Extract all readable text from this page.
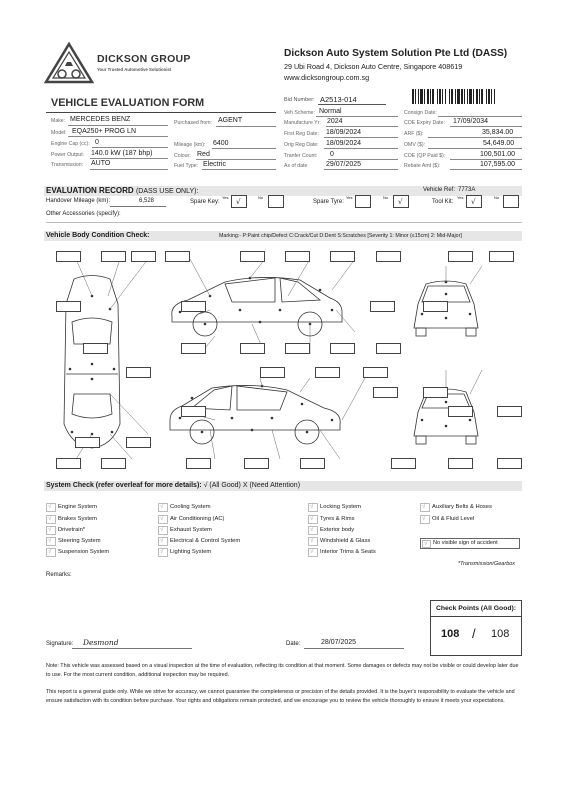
DICKSON GROUP
Your Trusted Automotive Solutionist
Dickson Auto System Solution Pte Ltd (DASS)
29 Ubi Road 4, Dickson Auto Centre, Singapore 408619
www.dicksongroup.com.sg
VEHICLE EVALUATION FORM	Bid Number: A2513-014
Make: MERCEDES BENZ
Model: EQA250+ PROG LN
Engine Cap (cc): 0
Power Output: 140.0 kW (187 bhp)
Transmission: AUTO
Purchased from: AGENT
Mileage (km): 6400
Colour: Red
Fuel Type: Electric
Veh Scheme: Normal
Manufacture Yr: 2024
First Reg Date: 18/09/2024
Orig Reg Date: 18/09/2024
Tranfer Count: 0
As of date	29/07/2025
Consign Date:
COE Expiry Date: 17/09/2034
ARF ($):	35,834.00
OMV ($):	54,649.00
COE (QP Paid $):	100,501.00
Rebate Amt ($):	107,595.00
EVALUATION RECORD (DASS USE ONLY):	Vehicle Ref: 7773A
Handover Mileage (km):	6,528	Spare Key:
Yes √	No
Spare Tyre:
Yes	No √	Tool Kit:
Yes √	No
Other Accessories (specify):
Vehicle Body Condition Check:	Marking:- P:Paint chip/Defect C:Crack/Cut D:Dent S:Scratches [Severity 1: Minor (≤15cm) 2: Mid-Major]
System Check (refer overleaf for more details): √ (All Good) X (Need Attention)
√ Engine System
√ Brakes System
√ Drivetrain*
√ Steering System
√ Suspension System
√ Cooling System
√ Air Conditioning (AC)
√ Exhaust System
√ Electrical & Control System
√ Lighting System
√ Locking System
√ Tyres & Rims
√ Exterior body
√ Windshield & Glass
√ Interior Trims & Seats
√ Auxiliary Belts & Hoses
√ Oil & Fluid Level
No visible sign of accident
√
*Transmission/Gearbox
Remarks:
Check Points (All Good):
108 / 108
Signature: Desmond	Date:	28/07/2025
Note: This vehicle was assessed based on a visual inspection at the time of evaluation, reflecting its condition at that moment. Some damages or defects may not be visible or could develop later due to use. For the most current condition, additional inspection may be required.
This report is a general guide only. While we strive for accuracy, we cannot guarantee the completeness or precision of the details provided. It is the buyer's responsibility to evaluate the vehicle and ensure satisfaction with its condition before purchase. Your rights and obligations remain protected, and we encourage you to review the vehicle thoroughly to ensure it meets your expectations.
